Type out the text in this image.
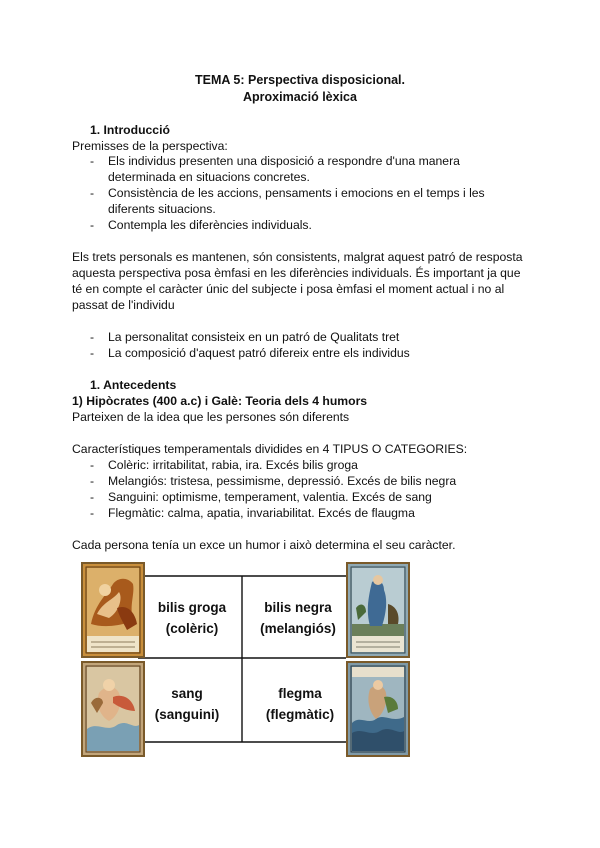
TEMA 5: Perspectiva disposicional.
Aproximació lèxica
1. Introducció
Premisses de la perspectiva:
- Els individus presenten una disposició a respondre d'una manera
determinada en situacions concretes.
- Consistència de les accions, pensaments i emocions en el temps i les
diferents situacions.
- Contempla les diferències individuals.
Els trets personals es mantenen, són consistents, malgrat aquest patró de resposta
aquesta perspectiva posa èmfasi en les diferències individuals. És important ja que
té en compte el caràcter únic del subjecte i posa èmfasi el moment actual i no al
passat de l'individu
- La personalitat consisteix en un patró de Qualitats tret
- La composició d'aquest patró difereix entre els individus
1. Antecedents
1) Hipòcrates (400 a.c) i Galè: Teoria dels 4 humors
Parteixen de la idea que les persones són diferents
Característiques temperamentals dividides en 4 TIPUS O CATEGORIES:
- Colèric: irritabilitat, rabia, ira. Excés bilis groga
- Melangiós: tristesa, pessimisme, depressió. Excés de bilis negra
- Sanguini: optimisme, temperament, valentia. Excés de sang
- Flegmàtic: calma, apatia, invariabilitat. Excés de flaugma
Cada persona tenía un exce un humor i això determina el seu caràcter.
bilis groga
(colèric)
bilis negra
(melangiós)
sang
(sanguini)
flegma
(flegmàtic)
